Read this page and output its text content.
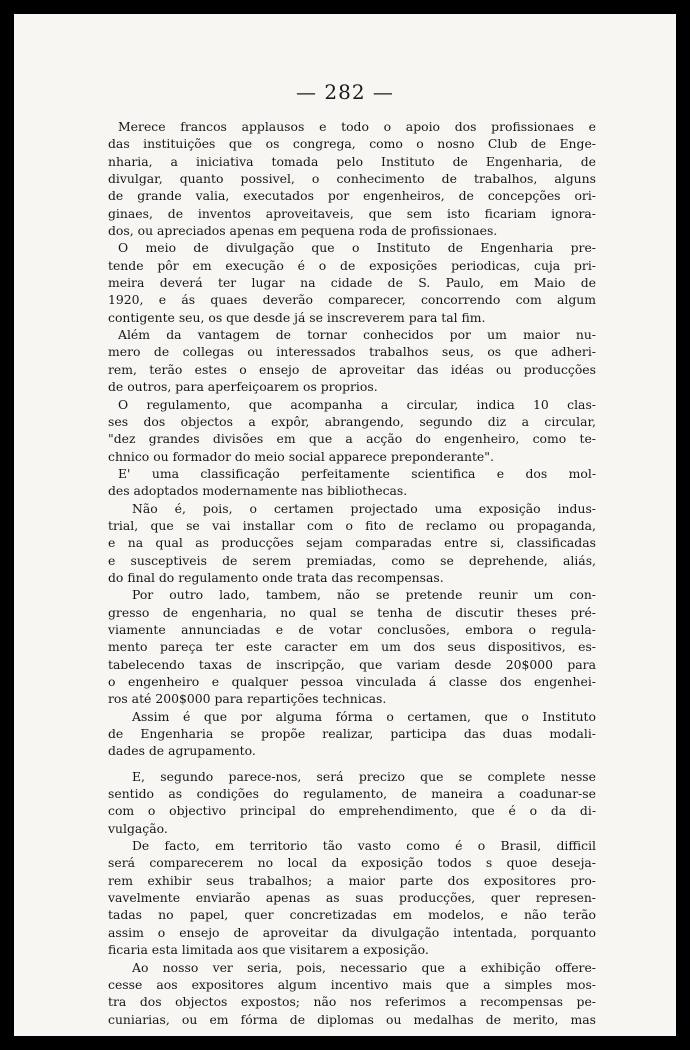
— 282 —

Merece francos applausos e todo o apoio dos profissionaes e

das instituições que os congrega, como o nosno Club de Enge-

nharia, a iniciativa tomada pelo Instituto de Engenharia, de

divulgar, quanto possivel, o conhecimento de trabalhos, alguns

de grande valia, executados por engenheiros, de concepções ori-

ginaes, de inventos aproveitaveis, que sem isto ficariam ignora-

dos, ou apreciados apenas em pequena roda de profissionaes.

O meio de divulgação que o Instituto de Engenharia pre-

tende pôr em execução é o de exposições periodicas, cuja pri-

meira deverá ter lugar na cidade de S. Paulo, em Maio de

1920, e ás quaes deverão comparecer, concorrendo com algum

contigente seu, os que desde já se inscreverem para tal fim.

Além da vantagem de tornar conhecidos por um maior nu-

mero de collegas ou interessados trabalhos seus, os que adheri-

rem, terão estes o ensejo de aproveitar das idéas ou producções

de outros, para aperfeiçoarem os proprios.

O regulamento, que acompanha a circular, indica 10 clas-

ses dos objectos a expôr, abrangendo, segundo diz a circular,

"dez grandes divisões em que a acção do engenheiro, como te-

chnico ou formador do meio social apparece preponderante".

E' uma classificação perfeitamente scientifica e dos mol-

des adoptados modernamente nas bibliothecas.

Não é, pois, o certamen projectado uma exposição indus-

trial, que se vai installar com o fito de reclamo ou propaganda,

e na qual as producções sejam comparadas entre si, classificadas

e susceptiveis de serem premiadas, como se deprehende, aliás,

do final do regulamento onde trata das recompensas.

Por outro lado, tambem, não se pretende reunir um con-

gresso de engenharia, no qual se tenha de discutir theses pré-

viamente annunciadas e de votar conclusões, embora o regula-

mento pareça ter este caracter em um dos seus dispositivos, es-

tabelecendo taxas de inscripção, que variam desde 20$000 para

o engenheiro e qualquer pessoa vinculada á classe dos engenhei-

ros até 200$000 para repartições technicas.

Assim é que por alguma fórma o certamen, que o Instituto

de Engenharia se propõe realizar, participa das duas modali-

dades de agrupamento.

E, segundo parece-nos, será precizo que se complete nesse

sentido as condições do regulamento, de maneira a coadunar-se

com o objectivo principal do emprehendimento, que é o da di-

vulgação.

De facto, em territorio tão vasto como é o Brasil, difficil

será comparecerem no local da exposição todos s quoe deseja-

rem exhibir seus trabalhos; a maior parte dos expositores pro-

vavelmente enviarão apenas as suas producções, quer represen-

tadas no papel, quer concretizadas em modelos, e não terão

assim o ensejo de aproveitar da divulgação intentada, porquanto

ficaria esta limitada aos que visitarem a exposição.

Ao nosso ver seria, pois, necessario que a exhibição offere-

cesse aos expositores algum incentivo mais que a simples mos-

tra dos objectos expostos; não nos referimos a recompensas pe-

cuniarias, ou em fórma de diplomas ou medalhas de merito, mas
